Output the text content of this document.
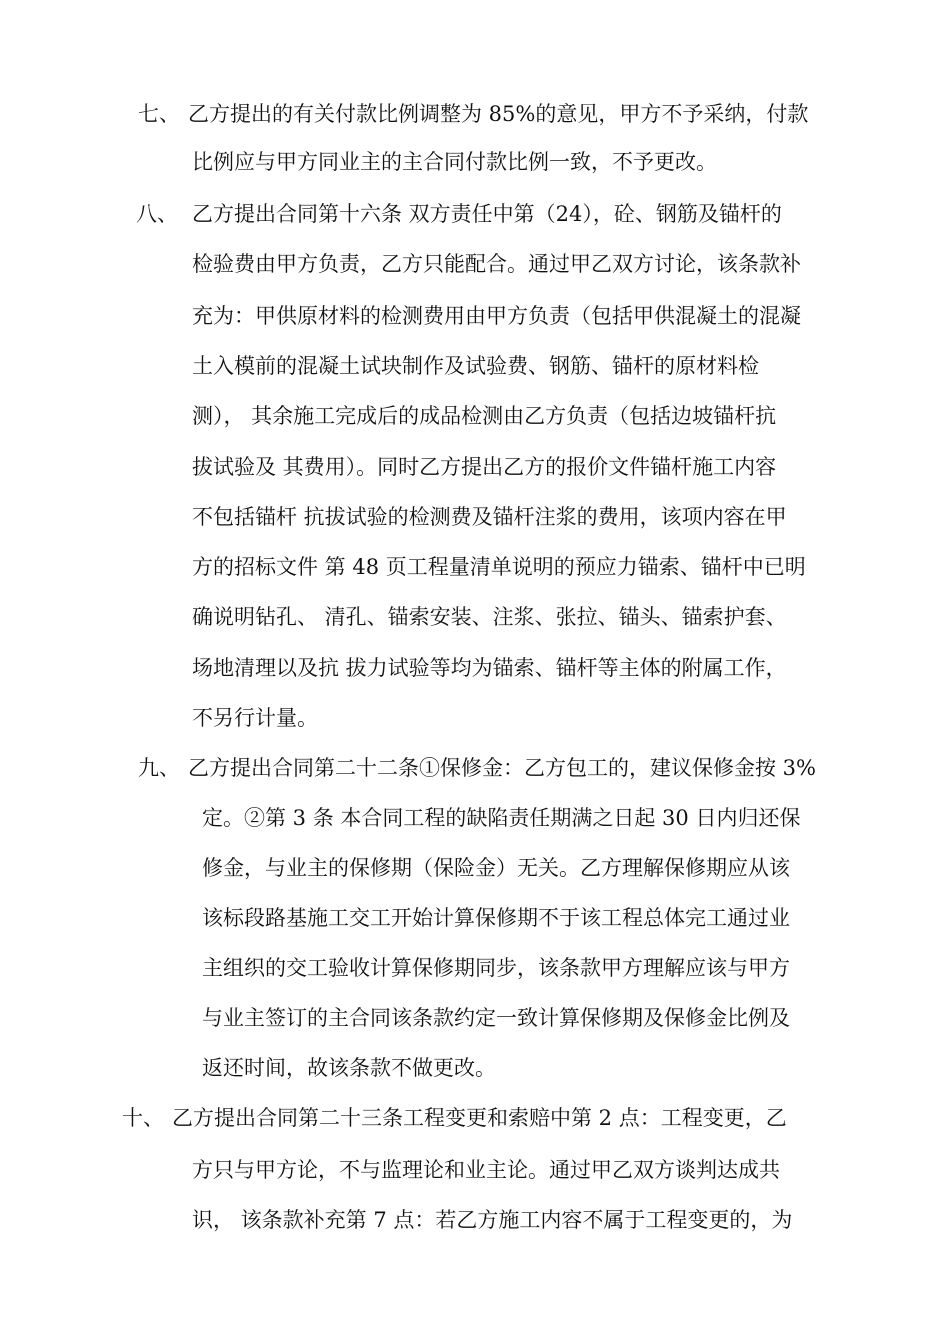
七、 乙方提出的有关付款比例调整为 85%的意见，甲方不予采纳，付款
比例应与甲方同业主的主合同付款比例一致，不予更改。
八、 乙方提出合同第十六条 双方责任中第（24），砼、钢筋及锚杆的
检验费由甲方负责，乙方只能配合。通过甲乙双方讨论，该条款补
充为：甲供原材料的检测费用由甲方负责（包括甲供混凝土的混凝
土入模前的混凝土试块制作及试验费、钢筋、锚杆的原材料检
测）， 其余施工完成后的成品检测由乙方负责（包括边坡锚杆抗
拔试验及 其费用）。同时乙方提出乙方的报价文件锚杆施工内容
不包括锚杆 抗拔试验的检测费及锚杆注浆的费用，该项内容在甲
方的招标文件 第 48 页工程量清单说明的预应力锚索、锚杆中已明
确说明钻孔、 清孔、锚索安装、注浆、张拉、锚头、锚索护套、
场地清理以及抗 拔力试验等均为锚索、锚杆等主体的附属工作，
不另行计量。
九、 乙方提出合同第二十二条①保修金：乙方包工的，建议保修金按 3%
定。②第 3 条 本合同工程的缺陷责任期满之日起 30 日内归还保
修金，与业主的保修期（保险金）无关。乙方理解保修期应从该
该标段路基施工交工开始计算保修期不于该工程总体完工通过业
主组织的交工验收计算保修期同步，该条款甲方理解应该与甲方
与业主签订的主合同该条款约定一致计算保修期及保修金比例及
返还时间，故该条款不做更改。
十、 乙方提出合同第二十三条工程变更和索赔中第 2 点：工程变更，乙
方只与甲方论，不与监理论和业主论。通过甲乙双方谈判达成共
识， 该条款补充第 7 点：若乙方施工内容不属于工程变更的，为
